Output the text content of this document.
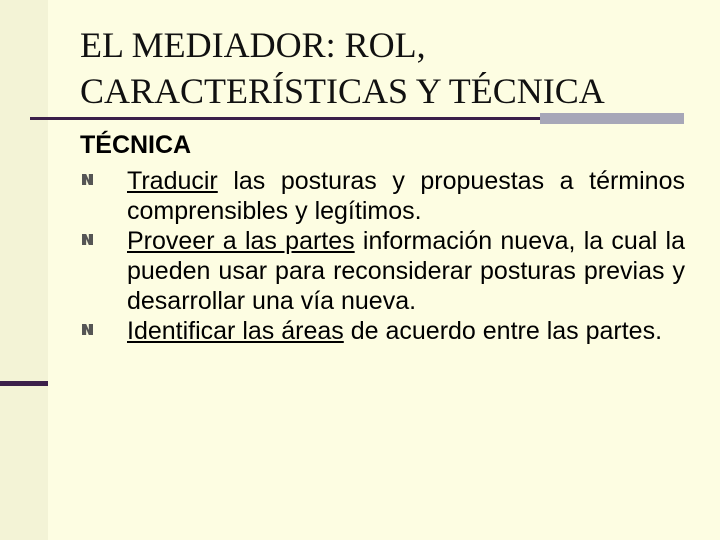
EL MEDIADOR: ROL,
CARACTERÍSTICAS Y TÉCNICA
TÉCNICA
Traducir las posturas y propuestas a términos comprensibles y legítimos.
Proveer a las partes información nueva, la cual la pueden usar para reconsiderar posturas previas y desarrollar una vía nueva.
Identificar las áreas de acuerdo entre las partes.
